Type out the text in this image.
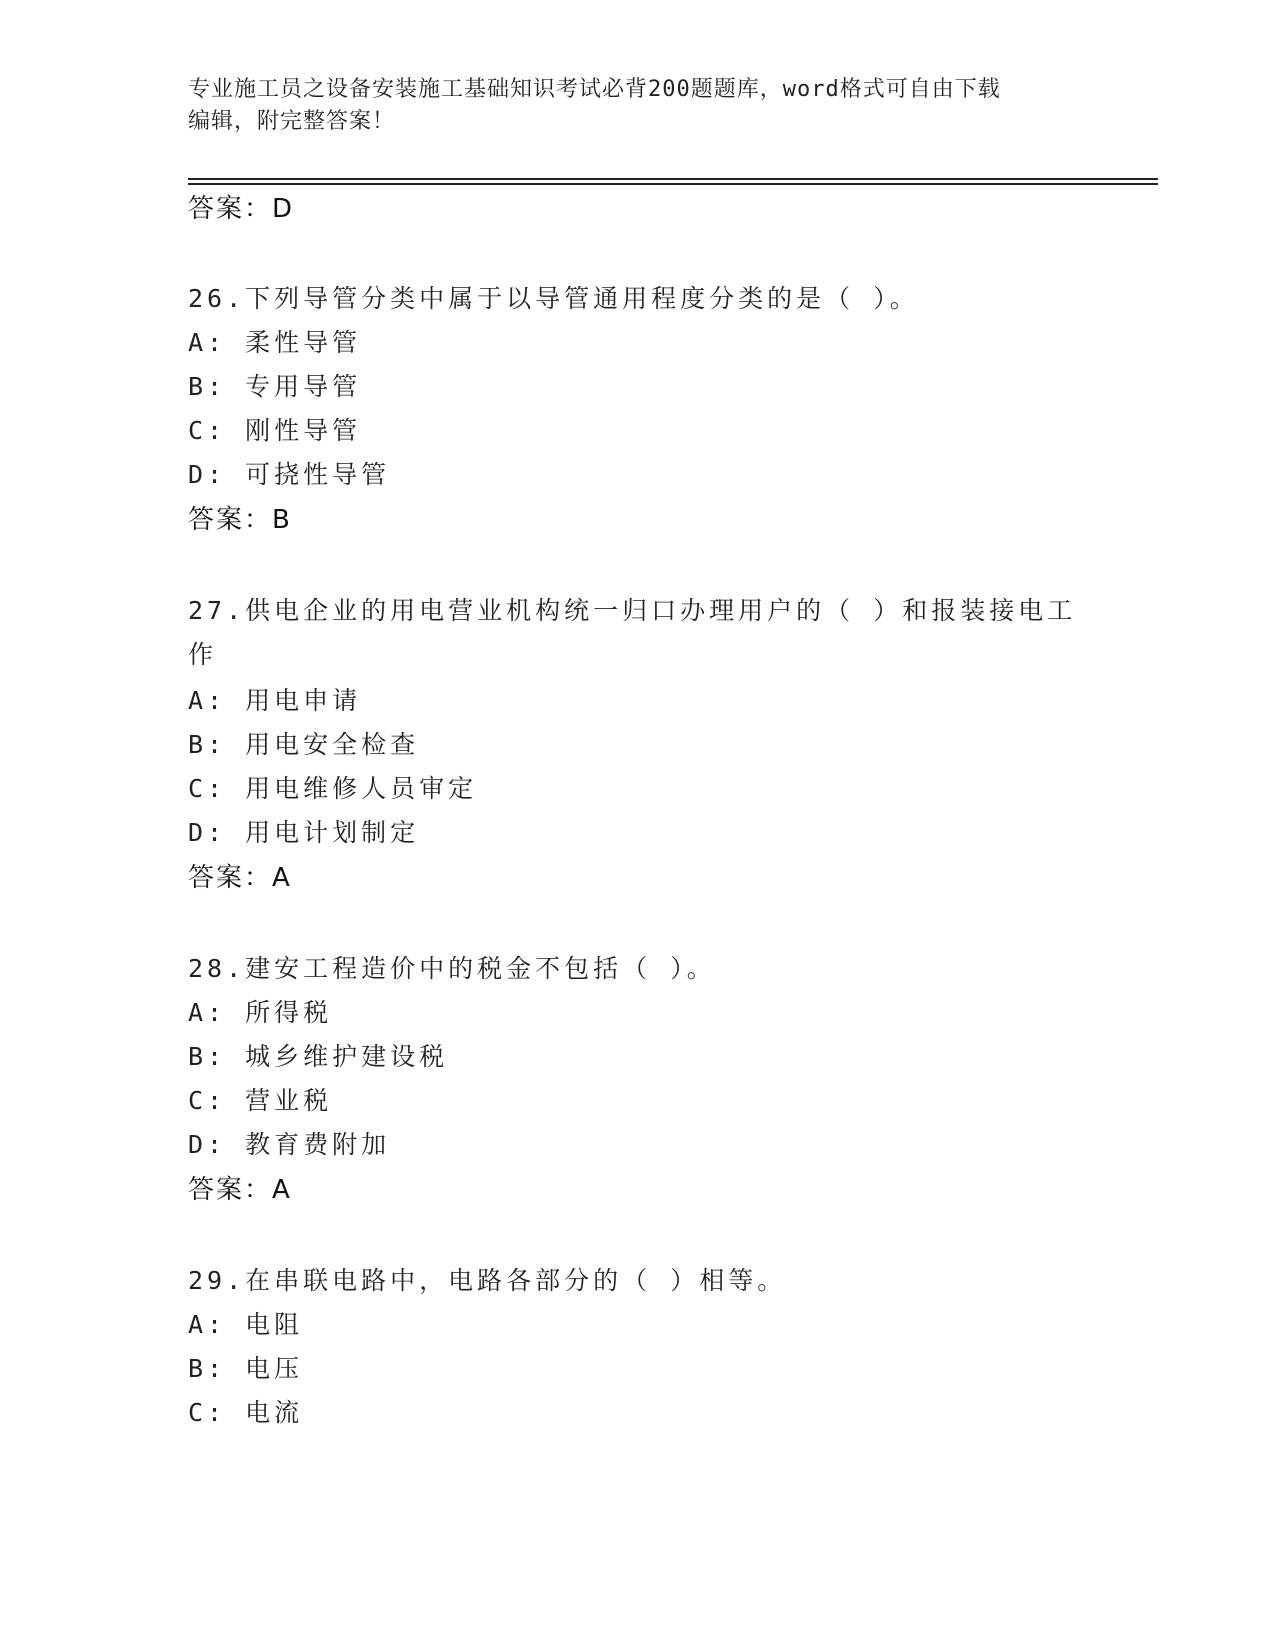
专业施工员之设备安装施工基础知识考试必背200题题库，word格式可自由下载
编辑，附完整答案！
答案：D
26.下列导管分类中属于以导管通用程度分类的是（ ）。
A: 柔性导管
B: 专用导管
C: 刚性导管
D: 可挠性导管
答案：B
27.供电企业的用电营业机构统一归口办理用户的（ ）和报装接电工
作
A: 用电申请
B: 用电安全检查
C: 用电维修人员审定
D: 用电计划制定
答案：A
28.建安工程造价中的税金不包括（ ）。
A: 所得税
B: 城乡维护建设税
C: 营业税
D: 教育费附加
答案：A
29.在串联电路中，电路各部分的（ ）相等。
A: 电阻
B: 电压
C: 电流
